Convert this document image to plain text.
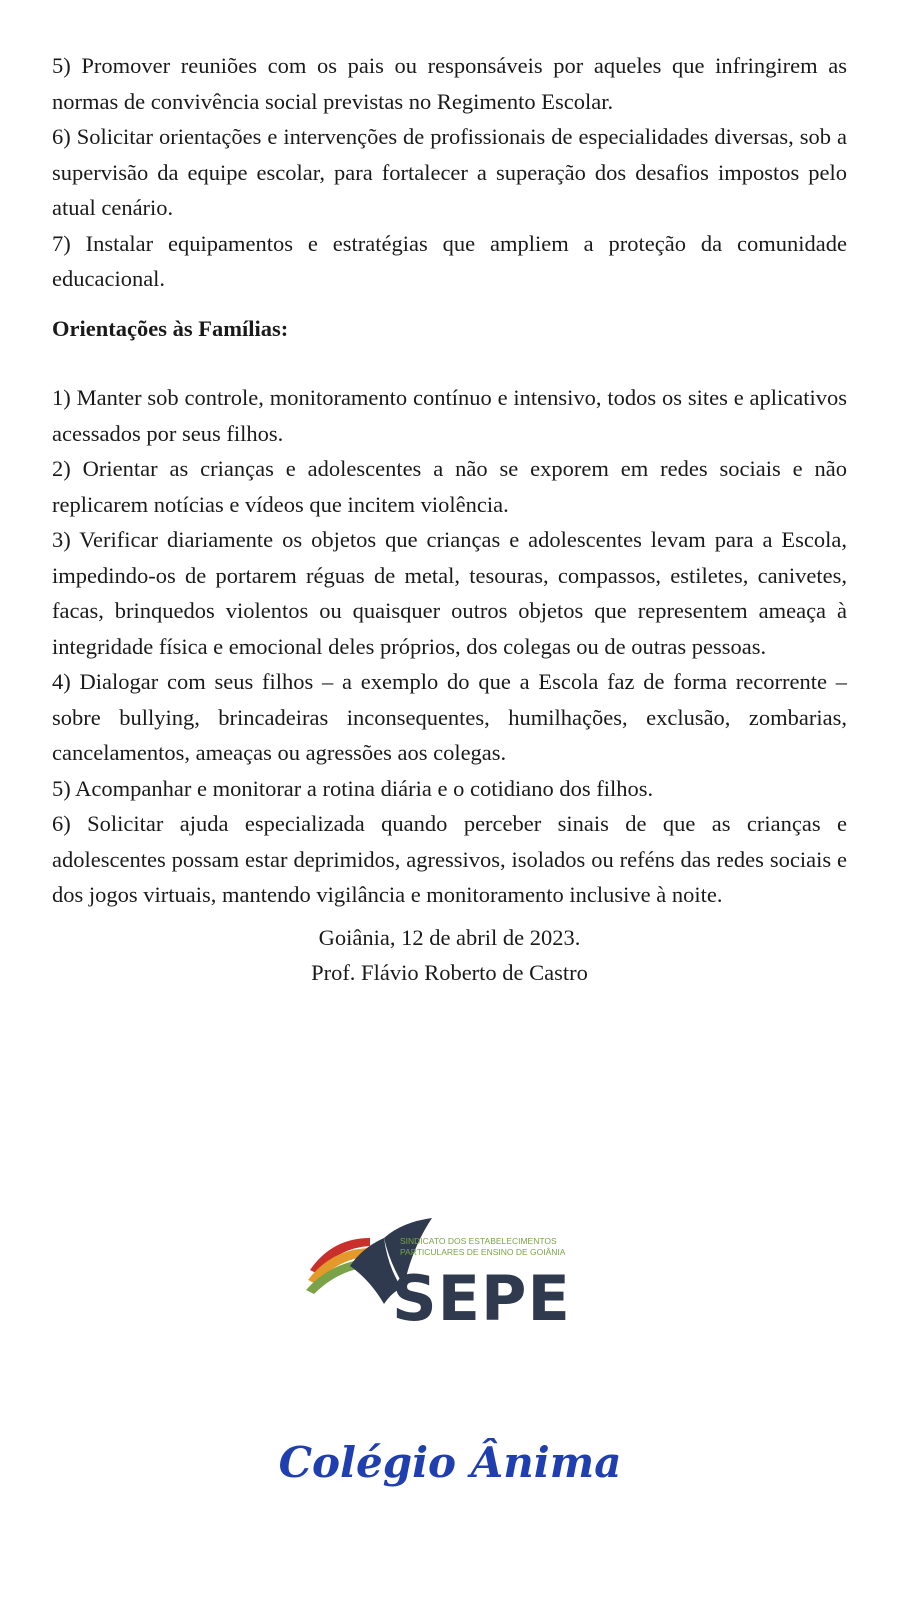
5) Promover reuniões com os pais ou responsáveis por aqueles que infringirem as normas de convivência social previstas no Regimento Escolar.

6) Solicitar orientações e intervenções de profissionais de especialidades diversas, sob a supervisão da equipe escolar, para fortalecer a superação dos desafios impostos pelo atual cenário.

7) Instalar equipamentos e estratégias que ampliem a proteção da comunidade educacional.

Orientações às Famílias:

1) Manter sob controle, monitoramento contínuo e intensivo, todos os sites e aplicativos acessados por seus filhos.

2) Orientar as crianças e adolescentes a não se exporem em redes sociais e não replicarem notícias e vídeos que incitem violência.

3) Verificar diariamente os objetos que crianças e adolescentes levam para a Escola, impedindo-os de portarem réguas de metal, tesouras, compassos, estiletes, canivetes, facas, brinquedos violentos ou quaisquer outros objetos que representem ameaça à integridade física e emocional deles próprios, dos colegas ou de outras pessoas.

4) Dialogar com seus filhos – a exemplo do que a Escola faz de forma recorrente – sobre bullying, brincadeiras inconsequentes, humilhações, exclusão, zombarias, cancelamentos, ameaças ou agressões aos colegas.

5) Acompanhar e monitorar a rotina diária e o cotidiano dos filhos.

6) Solicitar ajuda especializada quando perceber sinais de que as crianças e adolescentes possam estar deprimidos, agressivos, isolados ou reféns das redes sociais e dos jogos virtuais, mantendo vigilância e monitoramento inclusive à noite.

Goiânia, 12 de abril de 2023.
Prof. Flávio Roberto de Castro
SINDICATO DOS ESTABELECIMENTOS
PARTICULARES DE ENSINO DE GOIÂNIA
SEPE
Colégio Ânima
